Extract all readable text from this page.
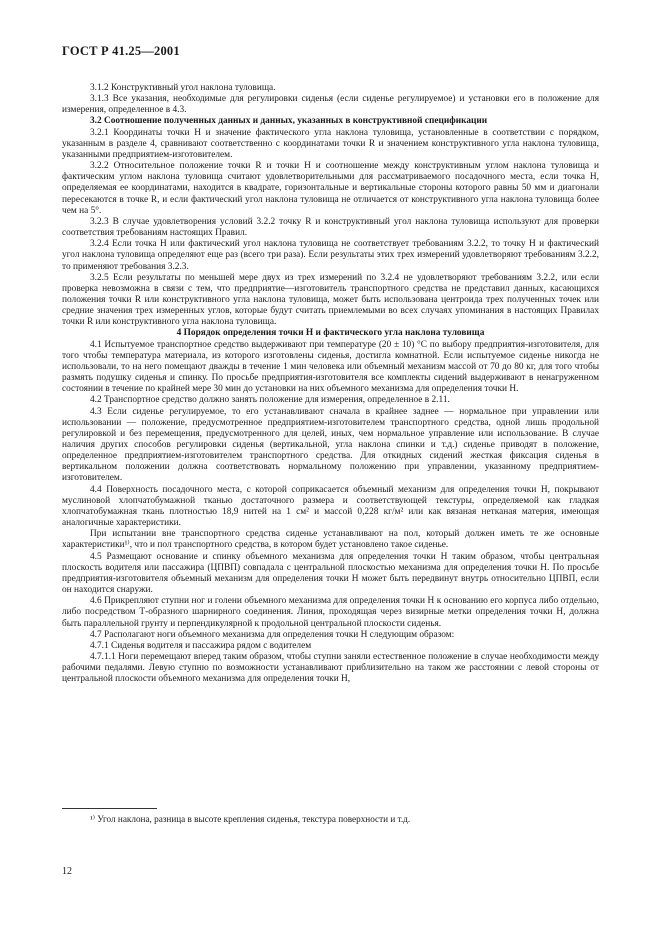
ГОСТ Р 41.25—2001

3.1.2 Конструктивный угол наклона туловища.

3.1.3 Все указания, необходимые для регулировки сиденья (если сиденье регулируемое) и установки его в положение для измерения, определенное в 4.3.

3.2 Соотношение полученных данных и данных, указанных в конструктивной спецификации

3.2.1 Координаты точки H и значение фактического угла наклона туловища, установленные в соответствии с порядком, указанным в разделе 4, сравнивают соответственно с координатами точки R и значением конструктивного угла наклона туловища, указанными предприятием-изготовителем.

3.2.2 Относительное положение точки R и точки H и соотношение между конструктивным углом наклона туловища и фактическим углом наклона туловища считают удовлетворительными для рассматриваемого посадочного места, если точка H, определяемая ее координатами, находится в квадрате, горизонтальные и вертикальные стороны которого равны 50 мм и диагонали пересекаются в точке R, и если фактический угол наклона туловища не отличается от конструктивного угла наклона туловища более чем на 5°.

3.2.3 В случае удовлетворения условий 3.2.2 точку R и конструктивный угол наклона туловища используют для проверки соответствия требованиям настоящих Правил.

3.2.4 Если точка H или фактический угол наклона туловища не соответствует требованиям 3.2.2, то точку H и фактический угол наклона туловища определяют еще раз (всего три раза). Если результаты этих трех измерений удовлетворяют требованиям 3.2.2, то применяют требования 3.2.3.

3.2.5 Если результаты по меньшей мере двух из трех измерений по 3.2.4 не удовлетворяют требованиям 3.2.2, или если проверка невозможна в связи с тем, что предприятие—изготовитель транспортного средства не представил данных, касающихся положения точки R или конструктивного угла наклона туловища, может быть использована центроида трех полученных точек или средние значения трех измеренных углов, которые будут считать приемлемыми во всех случаях упоминания в настоящих Правилах точки R или конструктивного угла наклона туловища.

4 Порядок определения точки H и фактического угла наклона туловища

4.1 Испытуемое транспортное средство выдерживают при температуре (20 ± 10) °С по выбору предприятия-изготовителя, для того чтобы температура материала, из которого изготовлены сиденья, достигла комнатной. Если испытуемое сиденье никогда не использовали, то на него помещают дважды в течение 1 мин человека или объемный механизм массой от 70 до 80 кг, для того чтобы размять подушку сиденья и спинку. По просьбе предприятия-изготовителя все комплекты сидений выдерживают в ненагруженном состоянии в течение по крайней мере 30 мин до установки на них объемного механизма для определения точки H.

4.2 Транспортное средство должно занять положение для измерения, определенное в 2.11.

4.3 Если сиденье регулируемое, то его устанавливают сначала в крайнее заднее — нормальное при управлении или использовании — положение, предусмотренное предприятием-изготовителем транспортного средства, одной лишь продольной регулировкой и без перемещения, предусмотренного для целей, иных, чем нормальное управление или использование. В случае наличия других способов регулировки сиденья (вертикальной, угла наклона спинки и т.д.) сиденье приводят в положение, определенное предприятием-изготовителем транспортного средства. Для откидных сидений жесткая фиксация сиденья в вертикальном положении должна соответствовать нормальному положению при управлении, указанному предприятием-изготовителем.

4.4 Поверхность посадочного места, с которой соприкасается объемный механизм для определения точки H, покрывают муслиновой хлопчатобумажной тканью достаточного размера и соответствующей текстуры, определяемой как гладкая хлопчатобумажная ткань плотностью 18,9 нитей на 1 см² и массой 0,228 кг/м² или как вязаная нетканая материя, имеющая аналогичные характеристики.

При испытании вне транспортного средства сиденье устанавливают на пол, который должен иметь те же основные характеристики¹⁾, что и пол транспортного средства, в котором будет установлено такое сиденье.

4.5 Размещают основание и спинку объемного механизма для определения точки H таким образом, чтобы центральная плоскость водителя или пассажира (ЦПВП) совпадала с центральной плоскостью механизма для определения точки H. По просьбе предприятия-изготовителя объемный механизм для определения точки H может быть передвинут внутрь относительно ЦПВП, если он находится снаружи.

4.6 Прикрепляют ступни ног и голени объемного механизма для определения точки H к основанию его корпуса либо отдельно, либо посредством Т-образного шарнирного соединения. Линия, проходящая через визирные метки определения точки H, должна быть параллельной грунту и перпендикулярной к продольной центральной плоскости сиденья.

4.7 Располагают ноги объемного механизма для определения точки H следующим образом:

4.7.1 Сиденья водителя и пассажира рядом с водителем

4.7.1.1 Ноги перемещают вперед таким образом, чтобы ступни заняли естественное положение в случае необходимости между рабочими педалями. Левую ступню по возможности устанавливают приблизительно на таком же расстоянии с левой стороны от центральной плоскости объемного механизма для определения точки H,

¹⁾ Угол наклона, разница в высоте крепления сиденья, текстура поверхности и т.д.
12
